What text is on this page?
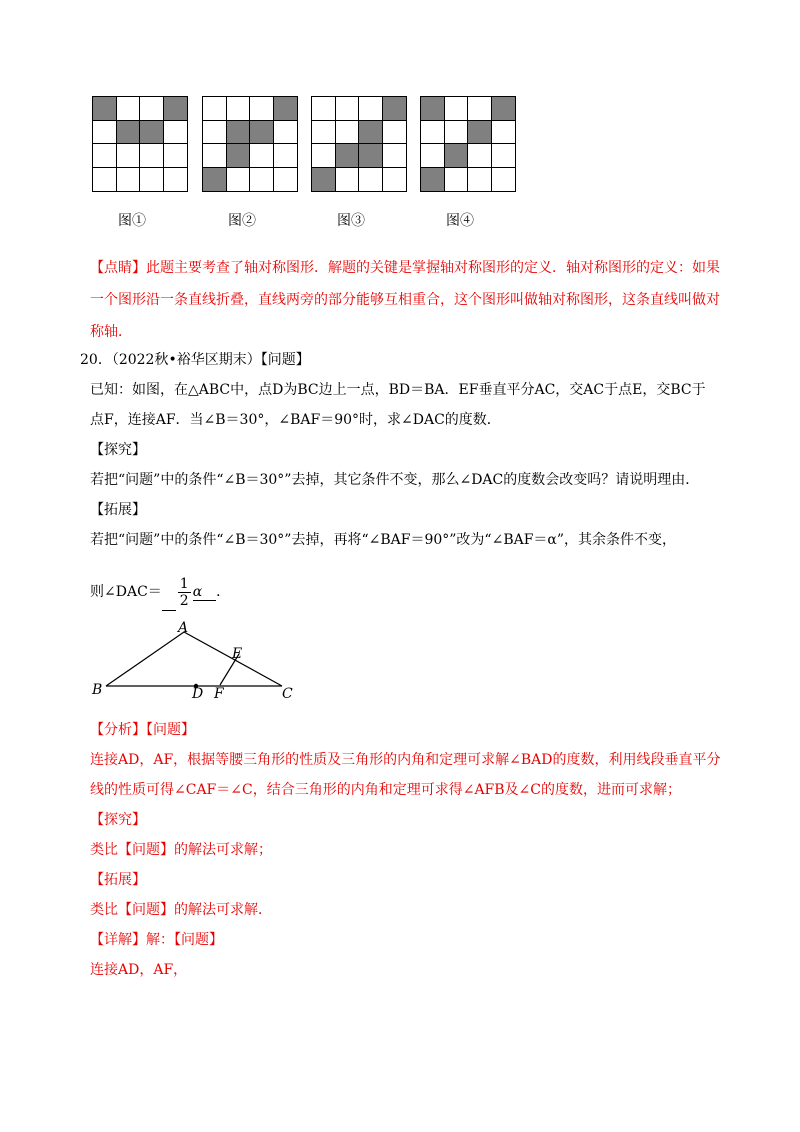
图①	图②	图③	图④
【点睛】此题主要考查了轴对称图形．解题的关键是掌握轴对称图形的定义．轴对称图形的定义：如果
一个图形沿一条直线折叠，直线两旁的部分能够互相重合，这个图形叫做轴对称图形，这条直线叫做对
称轴．
20．（2022秋•裕华区期末）【问题】
已知：如图，在△ABC中，点D为BC边上一点，BD＝BA．EF垂直平分AC，交AC于点E，交BC于
点F，连接AF．当∠B＝30°，∠BAF＝90°时，求∠DAC的度数．
【探究】
若把“问题”中的条件“∠B＝30°”去掉，其它条件不变，那么∠DAC的度数会改变吗？请说明理由．
【拓展】
若把“问题”中的条件“∠B＝30°”去掉，再将“∠BAF＝90°”改为“∠BAF＝α”，其余条件不变，
则∠DAC＝ $\frac{1}{2}$ α ．
A
B	C
D
E
F
【分析】【问题】
连接AD，AF，根据等腰三角形的性质及三角形的内角和定理可求解∠BAD的度数，利用线段垂直平分
线的性质可得∠CAF＝∠C，结合三角形的内角和定理可求得∠AFB及∠C的度数，进而可求解；
【探究】
类比【问题】的解法可求解；
【拓展】
类比【问题】的解法可求解．
【详解】解：【问题】
连接AD，AF，
